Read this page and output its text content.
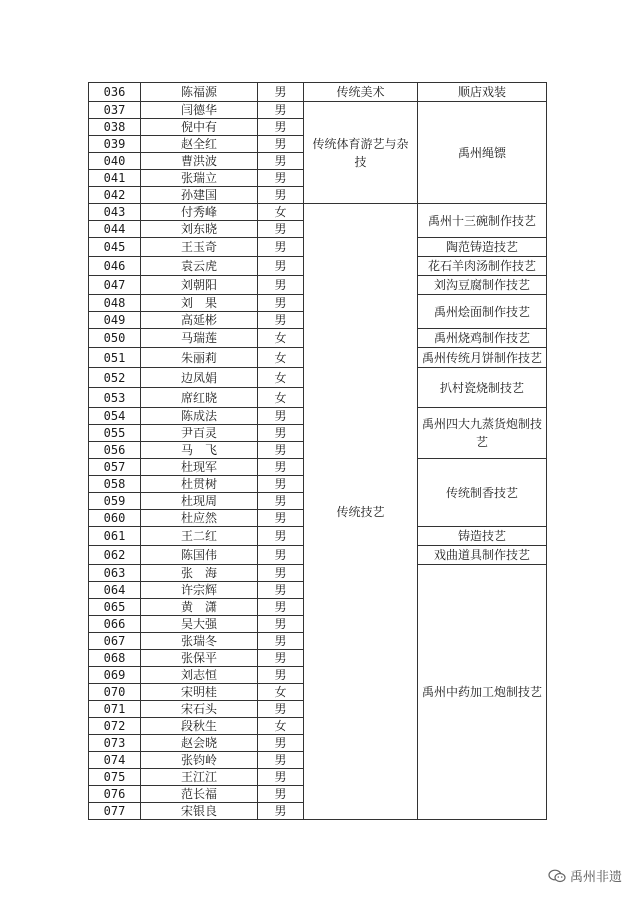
036	陈福源	男	传统美术	顺店戏装
037	闫德华	男	传统体育游艺与杂技	禹州绳镖
038	倪中有	男		
039	赵全红	男		
040	曹洪波	男		
041	张瑞立	男		
042	孙建国	男		
043	付秀峰	女	传统技艺	禹州十三碗制作技艺
044	刘东晓	男		
045	王玉奇	男		陶范铸造技艺
046	袁云虎	男		花石羊肉汤制作技艺
047	刘朝阳	男		刘沟豆腐制作技艺
048	刘　果	男		禹州烩面制作技艺
049	高延彬	男		
050	马瑞莲	女		禹州烧鸡制作技艺
051	朱丽莉	女		禹州传统月饼制作技艺
052	边凤娟	女		扒村瓷烧制技艺
053	席红晓	女		
054	陈成法	男		禹州四大九蒸货炮制技艺
055	尹百灵	男		
056	马　飞	男		
057	杜现军	男		传统制香技艺
058	杜贯树	男		
059	杜现周	男		
060	杜应然	男		
061	王二红	男		铸造技艺
062	陈国伟	男		戏曲道具制作技艺
063	张　海	男		禹州中药加工炮制技艺
064	许宗辉	男		
065	黄　潇	男		
066	吴大强	男		
067	张瑞冬	男		
068	张保平	男		
069	刘志恒	男		
070	宋明桂	女		
071	宋石头	男		
072	段秋生	女		
073	赵会晓	男		
074	张钧岭	男		
075	王江江	男		
076	范长福	男		
077	宋银良	男		
禹州非遗
